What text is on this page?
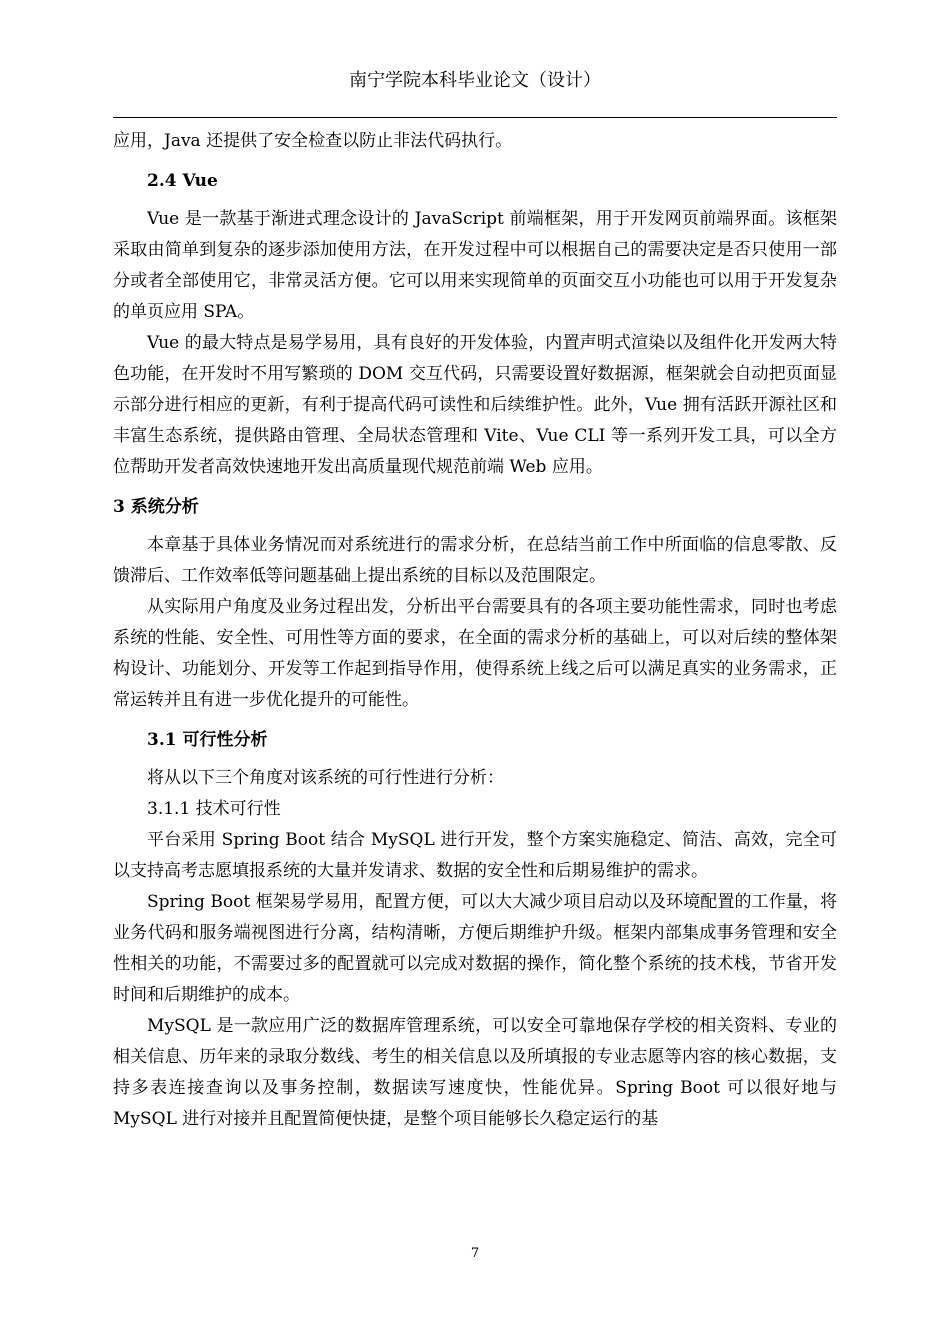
南宁学院本科毕业论文（设计）

应用，Java 还提供了安全检查以防止非法代码执行。

2.4 Vue

Vue 是一款基于渐进式理念设计的 JavaScript 前端框架，用于开发网页前端界面。该框架采取由简单到复杂的逐步添加使用方法，在开发过程中可以根据自己的需要决定是否只使用一部分或者全部使用它，非常灵活方便。它可以用来实现简单的页面交互小功能也可以用于开发复杂的单页应用 SPA。

Vue 的最大特点是易学易用，具有良好的开发体验，内置声明式渲染以及组件化开发两大特色功能，在开发时不用写繁琐的 DOM 交互代码，只需要设置好数据源，框架就会自动把页面显示部分进行相应的更新，有利于提高代码可读性和后续维护性。此外，Vue 拥有活跃开源社区和丰富生态系统，提供路由管理、全局状态管理和 Vite、Vue CLI 等一系列开发工具，可以全方位帮助开发者高效快速地开发出高质量现代规范前端 Web 应用。

3 系统分析

本章基于具体业务情况而对系统进行的需求分析，在总结当前工作中所面临的信息零散、反馈滞后、工作效率低等问题基础上提出系统的目标以及范围限定。

从实际用户角度及业务过程出发，分析出平台需要具有的各项主要功能性需求，同时也考虑系统的性能、安全性、可用性等方面的要求，在全面的需求分析的基础上，可以对后续的整体架构设计、功能划分、开发等工作起到指导作用，使得系统上线之后可以满足真实的业务需求，正常运转并且有进一步优化提升的可能性。

3.1 可行性分析

将从以下三个角度对该系统的可行性进行分析：

3.1.1 技术可行性

平台采用 Spring Boot 结合 MySQL 进行开发，整个方案实施稳定、简洁、高效，完全可以支持高考志愿填报系统的大量并发请求、数据的安全性和后期易维护的需求。

Spring Boot 框架易学易用，配置方便，可以大大减少项目启动以及环境配置的工作量，将业务代码和服务端视图进行分离，结构清晰，方便后期维护升级。框架内部集成事务管理和安全性相关的功能，不需要过多的配置就可以完成对数据的操作，简化整个系统的技术栈，节省开发时间和后期维护的成本。

MySQL 是一款应用广泛的数据库管理系统，可以安全可靠地保存学校的相关资料、专业的相关信息、历年来的录取分数线、考生的相关信息以及所填报的专业志愿等内容的核心数据，支持多表连接查询以及事务控制，数据读写速度快，性能优异。Spring Boot 可以很好地与 MySQL 进行对接并且配置简便快捷，是整个项目能够长久稳定运行的基

7
